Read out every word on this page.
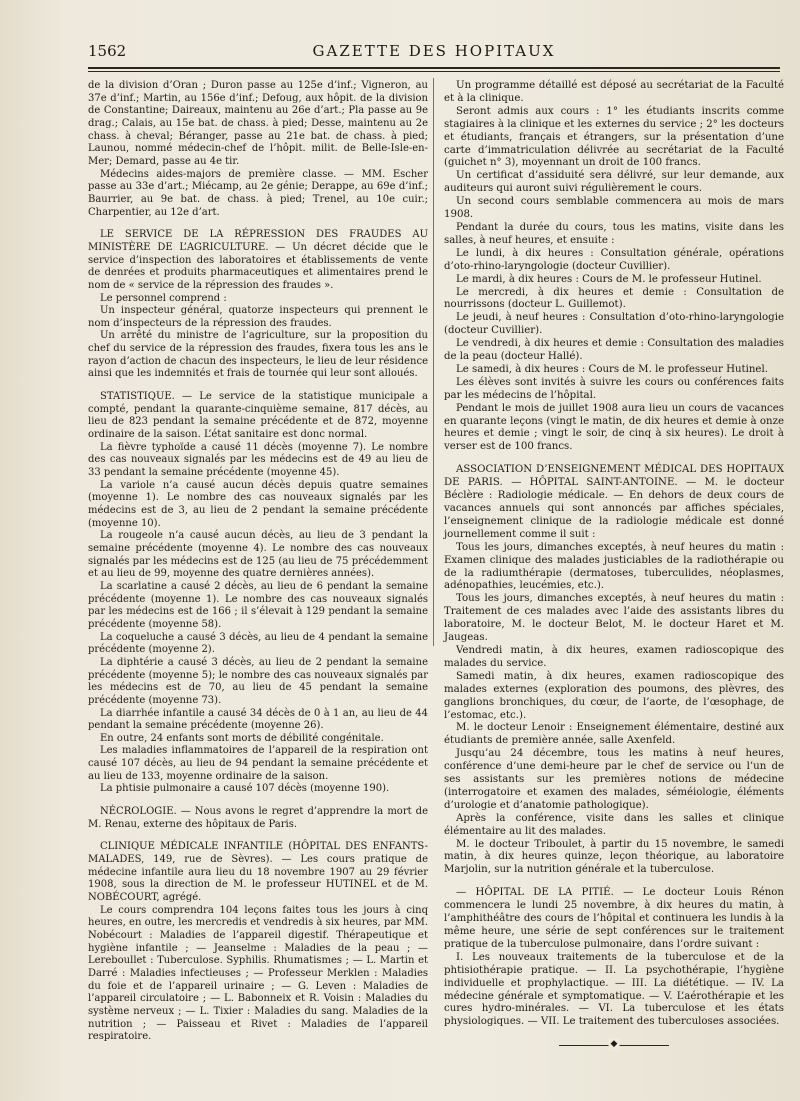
1562	GAZETTE DES HOPITAUX

de la division d’Oran ; Duron passe au 125e d’inf.; Vigneron, au 37e d’inf.; Martin, au 156e d’inf.; Defoug, aux hôpit. de la division de Constantine; Daireaux, maintenu au 26e d’art.; Pla passe au 9e drag.; Calais, au 15e bat. de chass. à pied; Desse, maintenu au 2e chass. à cheval; Béranger, passe au 21e bat. de chass. à pied; Launou, nommé médecin-chef de l’hôpit. milit. de Belle-Isle-en-Mer; Demard, passe au 4e tir.

Médecins aides-majors de première classe. — MM. Escher passe au 33e d’art.; Miécamp, au 2e génie; Derappe, au 69e d’inf.; Baurrier, au 9e bat. de chass. à pied; Trenel, au 10e cuir.; Charpentier, au 12e d’art.

LE SERVICE DE LA RÉPRESSION DES FRAUDES AU MINISTÈRE DE L’AGRICULTURE. — Un décret décide que le service d’inspection des laboratoires et établissements de vente de denrées et produits pharmaceutiques et alimentaires prend le nom de « service de la répression des fraudes ».

Le personnel comprend :

Un inspecteur général, quatorze inspecteurs qui prennent le nom d’inspecteurs de la répression des fraudes.

Un arrêté du ministre de l’agriculture, sur la proposition du chef du service de la répression des fraudes, fixera tous les ans le rayon d’action de chacun des inspecteurs, le lieu de leur résidence ainsi que les indemnités et frais de tournée qui leur sont alloués.

STATISTIQUE. — Le service de la statistique municipale a compté, pendant la quarante-cinquième semaine, 817 décès, au lieu de 823 pendant la semaine précédente et de 872, moyenne ordinaire de la saison. L’état sanitaire est donc normal.

La fièvre typhoïde a causé 11 décès (moyenne 7). Le nombre des cas nouveaux signalés par les médecins est de 49 au lieu de 33 pendant la semaine précédente (moyenne 45).

La variole n’a causé aucun décès depuis quatre semaines (moyenne 1). Le nombre des cas nouveaux signalés par les médecins est de 3, au lieu de 2 pendant la semaine précédente (moyenne 10).

La rougeole n’a causé aucun décès, au lieu de 3 pendant la semaine précédente (moyenne 4). Le nombre des cas nouveaux signalés par les médecins est de 125 (au lieu de 75 précédemment et au lieu de 99, moyenne des quatre dernières années).

La scarlatine a causé 2 décès, au lieu de 6 pendant la semaine précédente (moyenne 1). Le nombre des cas nouveaux signalés par les médecins est de 166 ; il s’élevait à 129 pendant la semaine précédente (moyenne 58).

La coqueluche a causé 3 décès, au lieu de 4 pendant la semaine précédente (moyenne 2).

La diphtérie a causé 3 décès, au lieu de 2 pendant la semaine précédente (moyenne 5); le nombre des cas nouveaux signalés par les médecins est de 70, au lieu de 45 pendant la semaine précédente (moyenne 73).

La diarrhée infantile a causé 34 décès de 0 à 1 an, au lieu de 44 pendant la semaine précédente (moyenne 26).

En outre, 24 enfants sont morts de débilité congénitale.

Les maladies inflammatoires de l’appareil de la respiration ont causé 107 décès, au lieu de 94 pendant la semaine précédente et au lieu de 133, moyenne ordinaire de la saison.

La phtisie pulmonaire a causé 107 décès (moyenne 190).

NÉCROLOGIE. — Nous avons le regret d’apprendre la mort de M. Renau, externe des hôpitaux de Paris.

CLINIQUE MÉDICALE INFANTILE (HÔPITAL DES ENFANTS-MALADES, 149, rue de Sèvres). — Les cours pratique de médecine infantile aura lieu du 18 novembre 1907 au 29 février 1908, sous la direction de M. le professeur HUTINEL et de M. NOBÉCOURT, agrégé.

Le cours comprendra 104 leçons faites tous les jours à cinq heures, en outre, les mercredis et vendredis à six heures, par MM. Nobécourt : Maladies de l’appareil digestif. Thérapeutique et hygiène infantile ; — Jeanselme : Maladies de la peau ; — Lereboullet : Tuberculose. Syphilis. Rhumatismes ; — L. Martin et Darré : Maladies infectieuses ; — Professeur Merklen : Maladies du foie et de l’appareil urinaire ; — G. Leven : Maladies de l’appareil circulatoire ; — L. Babonneix et R. Voisin : Maladies du système nerveux ; — L. Tixier : Maladies du sang. Maladies de la nutrition ; — Paisseau et Rivet : Maladies de l’appareil respiratoire.

Un programme détaillé est déposé au secrétariat de la Faculté et à la clinique.

Seront admis aux cours : 1° les étudiants inscrits comme stagiaires à la clinique et les externes du service ; 2° les docteurs et étudiants, français et étrangers, sur la présentation d’une carte d’immatriculation délivrée au secrétariat de la Faculté (guichet n° 3), moyennant un droit de 100 francs.

Un certificat d’assiduité sera délivré, sur leur demande, aux auditeurs qui auront suivi régulièrement le cours.

Un second cours semblable commencera au mois de mars 1908.

Pendant la durée du cours, tous les matins, visite dans les salles, à neuf heures, et ensuite :

Le lundi, à dix heures : Consultation générale, opérations d’oto-rhino-laryngologie (docteur Cuvillier).

Le mardi, à dix heures : Cours de M. le professeur Hutinel.

Le mercredi, à dix heures et demie : Consultation de nourrissons (docteur L. Guillemot).

Le jeudi, à neuf heures : Consultation d’oto-rhino-laryngologie (docteur Cuvillier).

Le vendredi, à dix heures et demie : Consultation des maladies de la peau (docteur Hallé).

Le samedi, à dix heures : Cours de M. le professeur Hutinel.

Les élèves sont invités à suivre les cours ou conférences faits par les médecins de l’hôpital.

Pendant le mois de juillet 1908 aura lieu un cours de vacances en quarante leçons (vingt le matin, de dix heures et demie à onze heures et demie ; vingt le soir, de cinq à six heures). Le droit à verser est de 100 francs.

ASSOCIATION D’ENSEIGNEMENT MÉDICAL DES HOPITAUX DE PARIS. — HÔPITAL SAINT-ANTOINE. — M. le docteur Béclère : Radiologie médicale. — En dehors de deux cours de vacances annuels qui sont annoncés par affiches spéciales, l’enseignement clinique de la radiologie médicale est donné journellement comme il suit :

Tous les jours, dimanches exceptés, à neuf heures du matin : Examen clinique des malades justiciables de la radiothérapie ou de la radiumthérapie (dermatoses, tuberculides, néoplasmes, adénopathies, leucémies, etc.).

Tous les jours, dimanches exceptés, à neuf heures du matin : Traitement de ces malades avec l’aide des assistants libres du laboratoire, M. le docteur Belot, M. le docteur Haret et M. Jaugeas.

Vendredi matin, à dix heures, examen radioscopique des malades du service.

Samedi matin, à dix heures, examen radioscopique des malades externes (exploration des poumons, des plèvres, des ganglions bronchiques, du cœur, de l’aorte, de l’œsophage, de l’estomac, etc.).

M. le docteur Lenoir : Enseignement élémentaire, destiné aux étudiants de première année, salle Axenfeld.

Jusqu’au 24 décembre, tous les matins à neuf heures, conférence d’une demi-heure par le chef de service ou l’un de ses assistants sur les premières notions de médecine (interrogatoire et examen des malades, séméiologie, éléments d’urologie et d’anatomie pathologique).

Après la conférence, visite dans les salles et clinique élémentaire au lit des malades.

M. le docteur Triboulet, à partir du 15 novembre, le samedi matin, à dix heures quinze, leçon théorique, au laboratoire Marjolin, sur la nutrition générale et la tuberculose.

— HÔPITAL DE LA PITIÉ. — Le docteur Louis Rénon commencera le lundi 25 novembre, à dix heures du matin, à l’amphithéâtre des cours de l’hôpital et continuera les lundis à la même heure, une série de sept conférences sur le traitement pratique de la tuberculose pulmonaire, dans l’ordre suivant :

I. Les nouveaux traitements de la tuberculose et de la phtisiothérapie pratique. — II. La psychothérapie, l’hygiène individuelle et prophylactique. — III. La diététique. — IV. La médecine générale et symptomatique. — V. L’aérothérapie et les cures hydro-minérales. — VI. La tuberculose et les états physiologiques. — VII. Le traitement des tuberculoses associées.

◆
